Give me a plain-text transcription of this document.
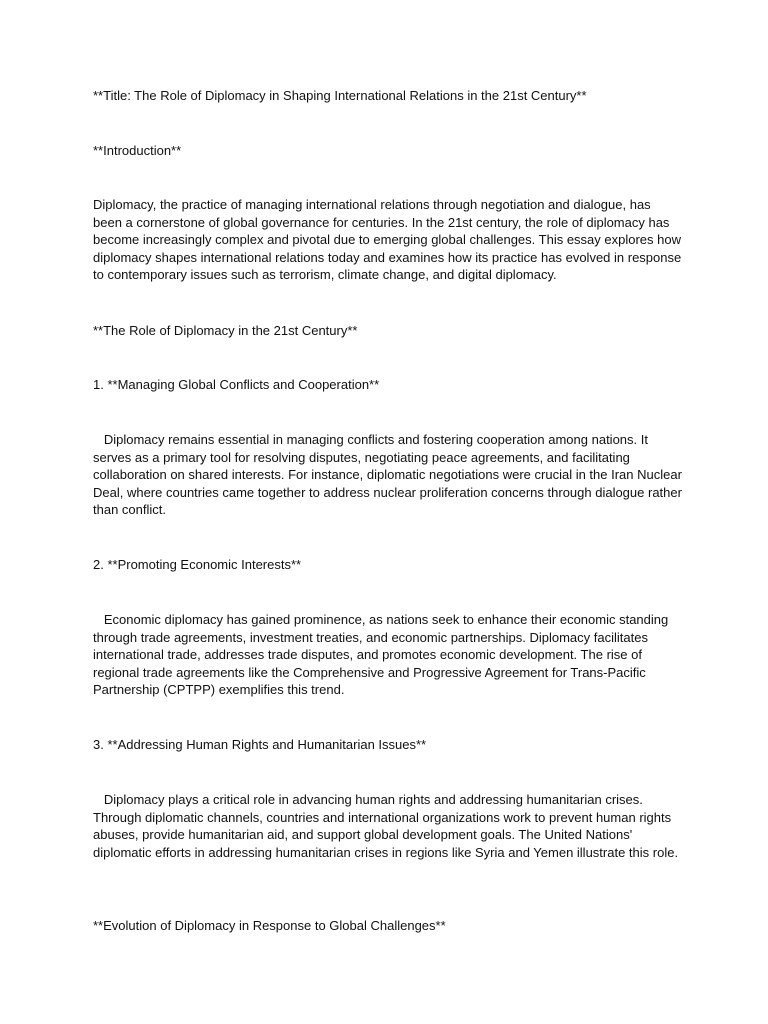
**Title: The Role of Diplomacy in Shaping International Relations in the 21st Century**

**Introduction**

Diplomacy, the practice of managing international relations through negotiation and dialogue, has been a cornerstone of global governance for centuries. In the 21st century, the role of diplomacy has become increasingly complex and pivotal due to emerging global challenges. This essay explores how diplomacy shapes international relations today and examines how its practice has evolved in response to contemporary issues such as terrorism, climate change, and digital diplomacy.

**The Role of Diplomacy in the 21st Century**

1. **Managing Global Conflicts and Cooperation**

Diplomacy remains essential in managing conflicts and fostering cooperation among nations. It serves as a primary tool for resolving disputes, negotiating peace agreements, and facilitating collaboration on shared interests. For instance, diplomatic negotiations were crucial in the Iran Nuclear Deal, where countries came together to address nuclear proliferation concerns through dialogue rather than conflict.

2. **Promoting Economic Interests**

Economic diplomacy has gained prominence, as nations seek to enhance their economic standing through trade agreements, investment treaties, and economic partnerships. Diplomacy facilitates international trade, addresses trade disputes, and promotes economic development. The rise of regional trade agreements like the Comprehensive and Progressive Agreement for Trans-Pacific Partnership (CPTPP) exemplifies this trend.

3. **Addressing Human Rights and Humanitarian Issues**

Diplomacy plays a critical role in advancing human rights and addressing humanitarian crises. Through diplomatic channels, countries and international organizations work to prevent human rights abuses, provide humanitarian aid, and support global development goals. The United Nations' diplomatic efforts in addressing humanitarian crises in regions like Syria and Yemen illustrate this role.

**Evolution of Diplomacy in Response to Global Challenges**
